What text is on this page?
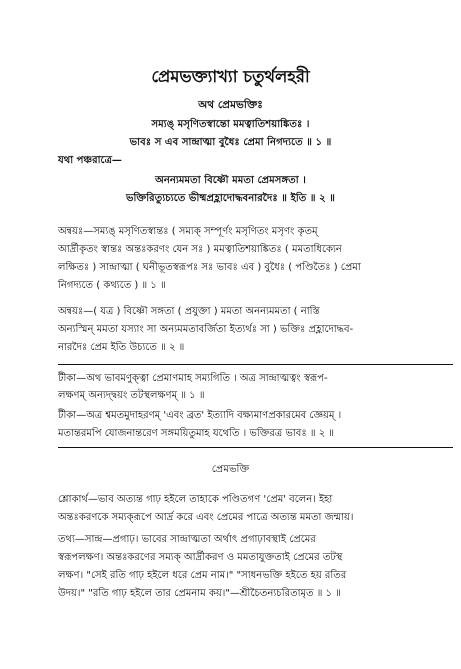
প্রেমভক্ত্যাখ্যা চতুর্থলহরী
অথ প্রেমভক্তিঃ
সম্যঙ্‌ মসৃণিতস্বান্তো মমত্বাতিশয়াঙ্কিতঃ ।
ভাবঃ স এব সান্দ্রাত্মা বুধৈঃ প্রেমা নিগদ্যতে ॥ ১ ॥
যথা পঞ্চরাত্রে—
অনন্যমমতা বিষ্ণৌ মমতা প্রেমসঙ্গতা ।
ভক্তিরিত্যুচ্যতে ভীষ্মপ্রহ্লাদোদ্ধবনারদৈঃ ॥ ইতি ॥ ২ ॥
অন্বয়ঃ—সম্যঙ্‌ মসৃণিতস্বান্তঃ ( সম্যক্‌ সম্পূর্ণং মসৃণিতং মসৃণং কৃতম্‌
আর্দ্রীকৃতং স্বান্তঃ অন্তঃকরণং যেন সঃ ) মমত্বাতিশয়াঙ্কিতঃ ( মমতাধিক্যেন
লক্ষিতঃ ) সান্দ্রাত্মা ( ঘনীভূতস্বরূপঃ সঃ ভাবঃ এব ) বুধৈঃ ( পণ্ডিতৈঃ ) প্রেমা
নিগদ্যতে ( কথ্যতে ) ॥ ১ ॥
অন্বয়ঃ—( যত্র ) বিষ্ণৌ সঙ্গতা ( প্রযুক্তা ) মমতা অনন্যমমতা ( নাস্তি
অন্যস্মিন্‌ মমতা যস্যাং সা অন্যমমতাবর্জিতা ইত্যর্থঃ সা ) ভক্তিঃ প্রহ্লাদোদ্ধব-
নারদৈঃ প্রেম ইতি উচ্যতে ॥ ২ ॥
টীকা—অথ ভাবমণুক্ত্বা প্রেমাণমাহ সম্যগিতি । অত্র সান্দ্রাত্মত্বং স্বরূপ-
লক্ষণম্‌ অন্যদ্দ্বয়ং তটস্থলক্ষণম্‌ ॥ ১ ॥
টীকা—অত্র শ্বমতমুদাহরণম্‌ 'এবং ব্রত' ইত্যাদি বক্ষ্যমাণপ্রকারমেব জ্ঞেয়ম্‌ ।
মতান্তরমপি যোজনান্তরেণ সঙ্গময়িতুমাহ যথেতি । ভক্তিরত্র ভাবঃ ॥ ২ ॥
প্রেমভক্তি
শ্লোকার্থ—ভাব অত্যন্ত গাঢ় হইলে তাহাকে পণ্ডিতগণ 'প্রেম' বলেন। ইহা
অন্তঃকরণকে সম্যক্‌রূপে আর্দ্র করে এবং প্রেমের পাত্রে অত্যন্ত মমতা জন্মায়।
তথ্য—সান্দ্র—প্রগাঢ়। ভাবের সান্দ্রাত্মতা অর্থাৎ প্রগাঢ়াবস্থাই প্রেমের
স্বরূপলক্ষণ। অন্তঃকরণের সম্যক্‌ আর্দ্রীকরণ ও মমতাযুক্ততাই প্রেমের তটস্থ
লক্ষণ। "সেই রতি গাঢ় হইলে ধরে প্রেম নাম।" "সাধনভক্তি হইতে হয় রতির
উদয়।" "রতি গাঢ় হইলে তার প্রেমনাম কয়।"—শ্রীচৈতন্যচরিতামৃত ॥ ১ ॥
